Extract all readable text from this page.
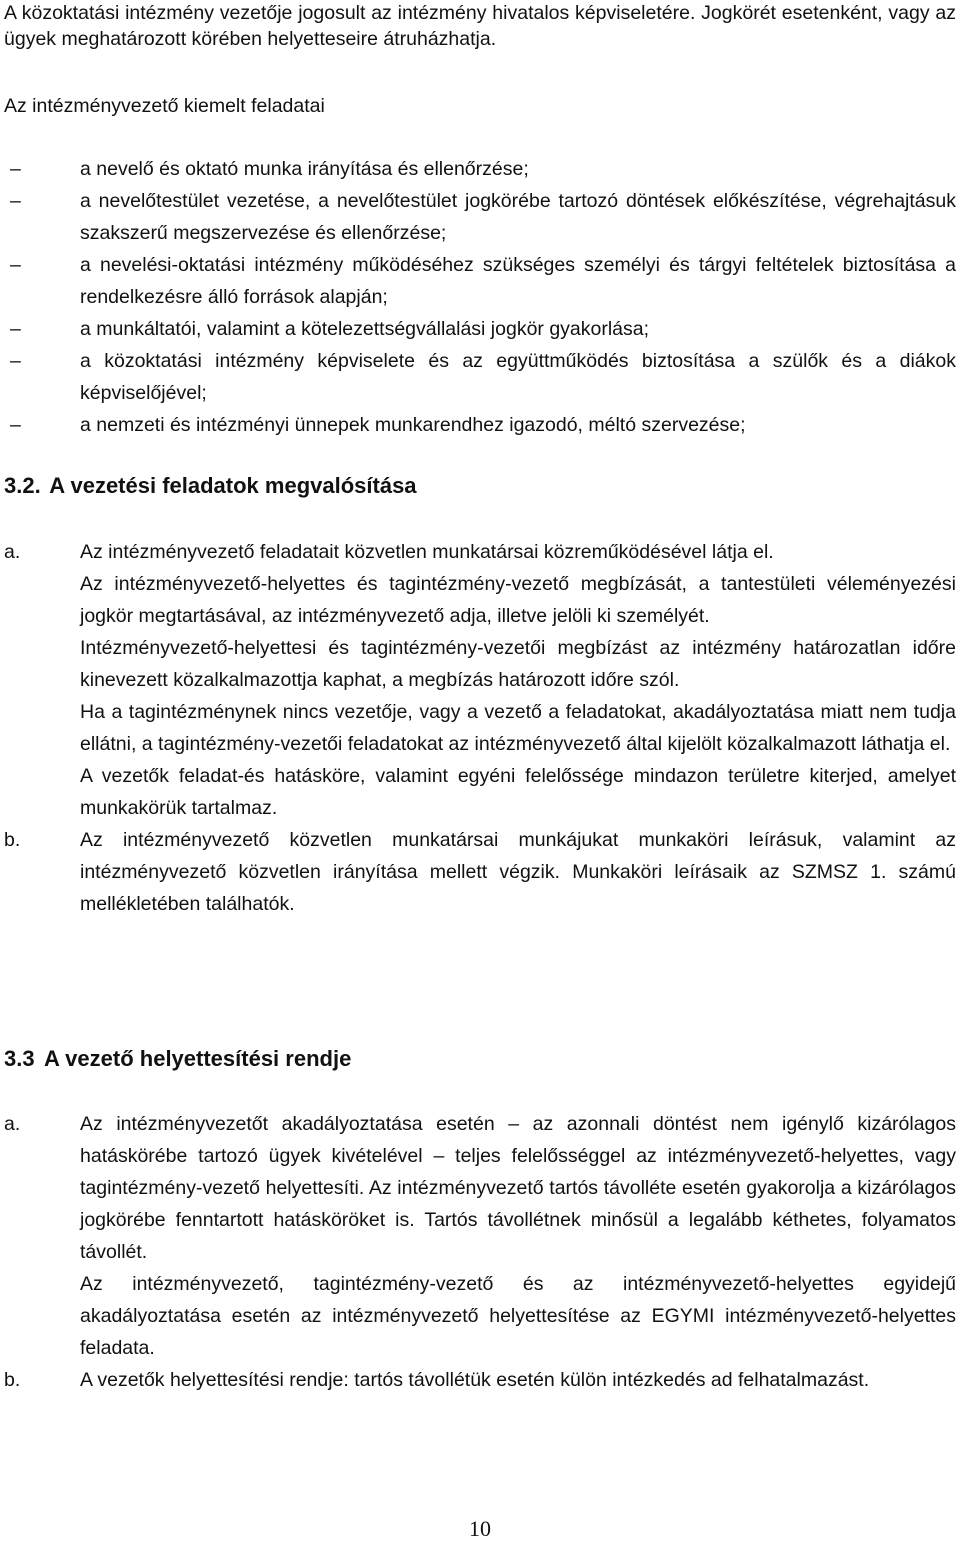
A közoktatási intézmény vezetője jogosult az intézmény hivatalos képviseletére. Jogkörét esetenként, vagy az ügyek meghatározott körében helyetteseire átruházhatja.

Az intézményvezető kiemelt feladatai

–	a nevelő és oktató munka irányítása és ellenőrzése;
–	a nevelőtestület vezetése, a nevelőtestület jogkörébe tartozó döntések előkészítése, végrehajtásuk szakszerű megszervezése és ellenőrzése;
–	a nevelési-oktatási intézmény működéséhez szükséges személyi és tárgyi feltételek biztosítása a rendelkezésre álló források alapján;
–	a munkáltatói, valamint a kötelezettségvállalási jogkör gyakorlása;
–	a közoktatási intézmény képviselete és az együttműködés biztosítása a szülők és a diákok képviselőjével;
–	a nemzeti és intézményi ünnepek munkarendhez igazodó, méltó szervezése;
3.2. A vezetési feladatok megvalósítása
a.	Az intézményvezető feladatait közvetlen munkatársai közreműködésével látja el.

Az intézményvezető-helyettes és tagintézmény-vezető megbízását, a tantestületi véleményezési jogkör megtartásával, az intézményvezető adja, illetve jelöli ki személyét.

Intézményvezető-helyettesi és tagintézmény-vezetői megbízást az intézmény határozatlan időre kinevezett közalkalmazottja kaphat, a megbízás határozott időre szól.

Ha a tagintézménynek nincs vezetője, vagy a vezető a feladatokat, akadályoztatása miatt nem tudja ellátni, a tagintézmény-vezetői feladatokat az intézményvezető által kijelölt közalkalmazott láthatja el.

A vezetők feladat-és hatásköre, valamint egyéni felelőssége mindazon területre kiterjed, amelyet munkakörük tartalmaz.

b.	Az intézményvezető közvetlen munkatársai munkájukat munkaköri leírásuk, valamint az intézményvezető közvetlen irányítása mellett végzik. Munkaköri leírásaik az SZMSZ 1. számú mellékletében találhatók.

3.3 A vezető helyettesítési rendje
a.	Az intézményvezetőt akadályoztatása esetén – az azonnali döntést nem igénylő kizárólagos hatáskörébe tartozó ügyek kivételével – teljes felelősséggel az intézményvezető-helyettes, vagy tagintézmény-vezető helyettesíti. Az intézményvezető tartós távolléte esetén gyakorolja a kizárólagos jogkörébe fenntartott hatásköröket is. Tartós távollétnek minősül a legalább kéthetes, folyamatos távollét.

Az intézményvezető, tagintézmény-vezető és az intézményvezető-helyettes egyidejű akadályoztatása esetén az intézményvezető helyettesítése az EGYMI intézményvezető-helyettes feladata.

b.	A vezetők helyettesítési rendje: tartós távollétük esetén külön intézkedés ad felhatalmazást.

10
